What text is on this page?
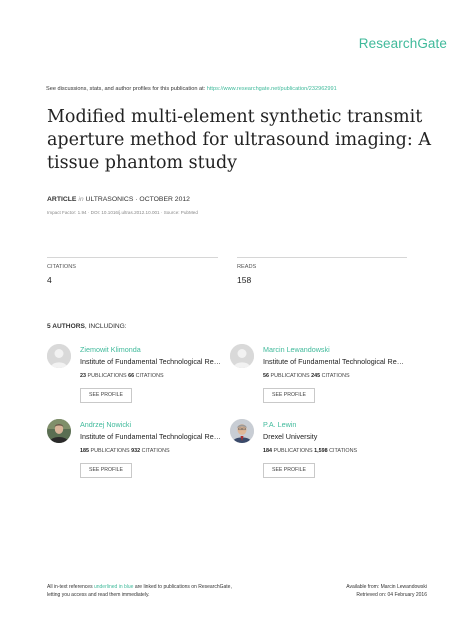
ResearchGate
See discussions, stats, and author profiles for this publication at: https://www.researchgate.net/publication/232962991
Modified multi-element synthetic transmit aperture method for ultrasound imaging: A tissue phantom study
ARTICLE in ULTRASONICS · OCTOBER 2012
Impact Factor: 1.94 · DOI: 10.1016/j.ultras.2012.10.001 · Source: PubMed
CITATIONS
4
READS
158
5 AUTHORS, INCLUDING:
Ziemowit Klimonda
Institute of Fundamental Technological Re…
23 PUBLICATIONS 66 CITATIONS
SEE PROFILE
Marcin Lewandowski
Institute of Fundamental Technological Re…
56 PUBLICATIONS 245 CITATIONS
SEE PROFILE
Andrzej Nowicki
Institute of Fundamental Technological Re…
185 PUBLICATIONS 932 CITATIONS
SEE PROFILE
P.A. Lewin
Drexel University
184 PUBLICATIONS 1,598 CITATIONS
SEE PROFILE
All in-text references underlined in blue are linked to publications on ResearchGate,
letting you access and read them immediately.
Available from: Marcin Lewandowski
Retrieved on: 04 February 2016
